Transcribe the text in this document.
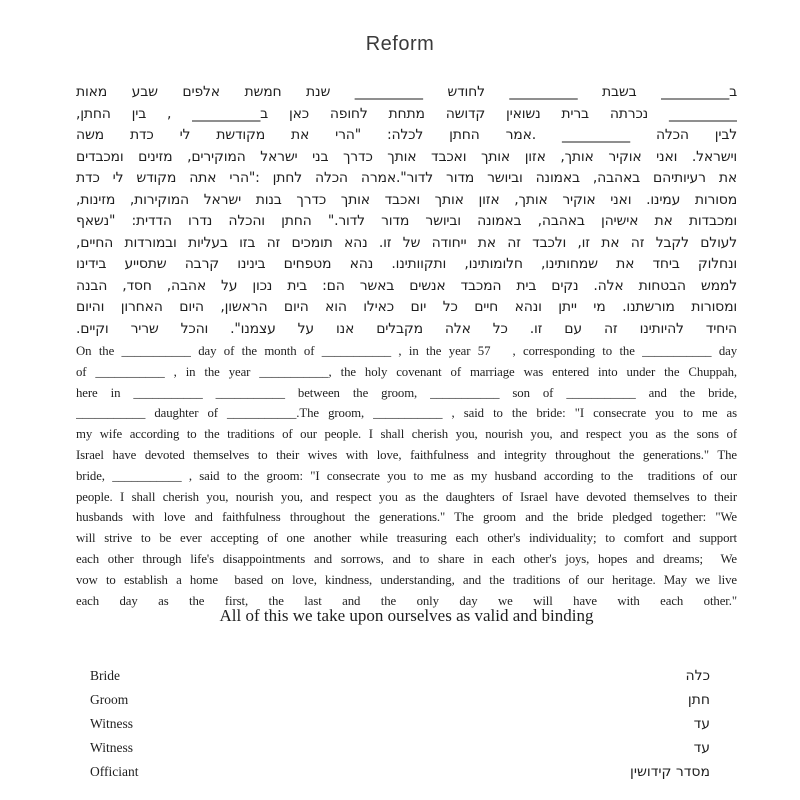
Reform
ב__________ בשבת __________ לחודש __________ שנת חמשת אלפים שבע מאות
__________ נכרתה ברית נשואין קדושה מתחת לחופה כאן ב__________ , בין החתן,
לבין הכלה __________ .אמר החתן לכלה: "הרי את מקודשת לי כדת משה
וישראל. ואני אוקיר אותך, אזון אותך ואכבד אותך כדרך בני ישראל המוקירים, מזינים ומכבדים
את רעיותיהם באהבה, באמונה וביושר מדור לדור".אמרה הכלה לחתן :"הרי אתה מקודש לי כדת
מסורות עמינו. ואני אוקיר אותך, אזון אותך ואכבד אותך כדרך בנות ישראל המוקירות, מזינות,
ומכבדות את אישיהן באהבה, באמונה וביושר מדור לדור." החתן והכלה נדרו הדדית: "נשאף
לעולם לקבל זה את זו, ולכבד זה את ייחודה של זו. נהא תומכים זה בזו בעליות ובמורדות החיים,
ונחלוק ביחד את שמחותינו, חלומותינו, ותקוותינו. נהא מטפחים בינינו קרבה שתסייע בידינו
לממש הבטחות אלה. נקים בית המכבד אנשים באשר הם: בית נכון על אהבה, חסד, הבנה
ומסורות מורשתנו. מי ייתן ונהא חיים כל יום כאילו הוא היום הראשון, היום האחרון והיום
היחיד להיותינו זה עם זו. כל אלה מקבלים אנו על עצמנו". והכל שריר וקיים.
On the ___________ day of the month of ___________ , in the year 57   , corresponding to the ___________ day
of ___________ , in the year ___________, the holy covenant of marriage was entered into under the Chuppah,
here in ___________ ___________ between the groom, ___________ son of ___________ and the bride,
___________ daughter of ___________.The groom, ___________ , said to the bride: "I consecrate you to me as
my wife according to the traditions of our people. I shall cherish you, nourish you, and respect you as the sons of
Israel have devoted themselves to their wives with love, faithfulness and integrity throughout the generations." The
bride, ___________ , said to the groom: "I consecrate you to me as my husband according to the  traditions of our
people. I shall cherish you, nourish you, and respect you as the daughters of Israel have devoted themselves to their
husbands with love and faithfulness throughout the generations." The groom and the bride pledged together: "We
will strive to be ever accepting of one another while treasuring each other's individuality; to comfort and support
each other through life's disappointments and sorrows, and to share in each other's joys, hopes and dreams;  We
vow to establish a home  based on love, kindness, understanding, and the traditions of our heritage. May we live
each day as the first, the last and the only day we will have with each other."
All of this we take upon ourselves as valid and binding
Bride	כלה
Groom	חתן
Witness	עד
Witness	עד
Officiant	מסדר קידושין
